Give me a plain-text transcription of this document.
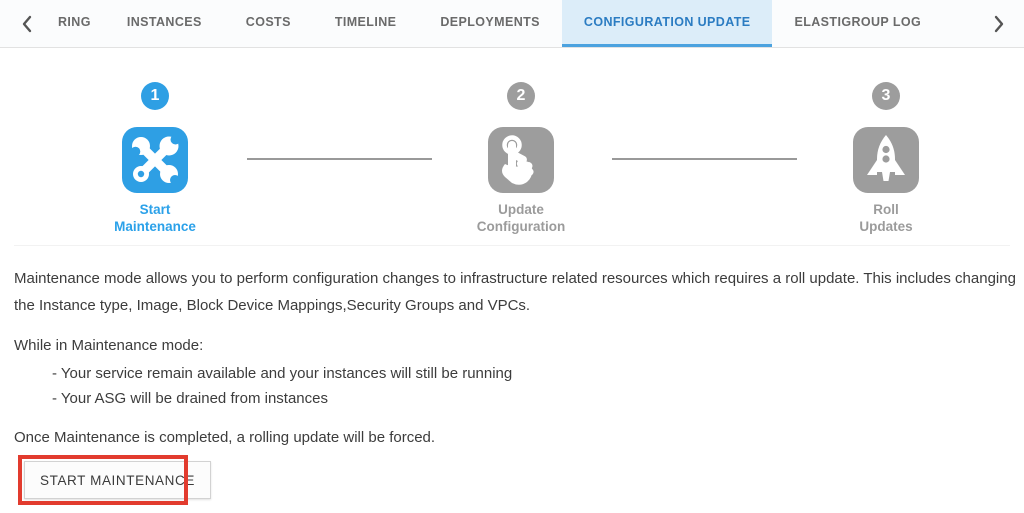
RING	INSTANCES	COSTS	TIMELINE	DEPLOYMENTS	CONFIGURATION UPDATE	ELASTIGROUP LOG
1
Start
Maintenance
2
Update
Configuration
3
Roll
Updates

Maintenance mode allows you to perform configuration changes to infrastructure related resources which requires a roll update. This includes changing the Instance type, Image, Block Device Mappings,Security Groups and VPCs.

While in Maintenance mode:

- Your service remain available and your instances will still be running
- Your ASG will be drained from instances

Once Maintenance is completed, a rolling update will be forced.

START MAINTENANCE
